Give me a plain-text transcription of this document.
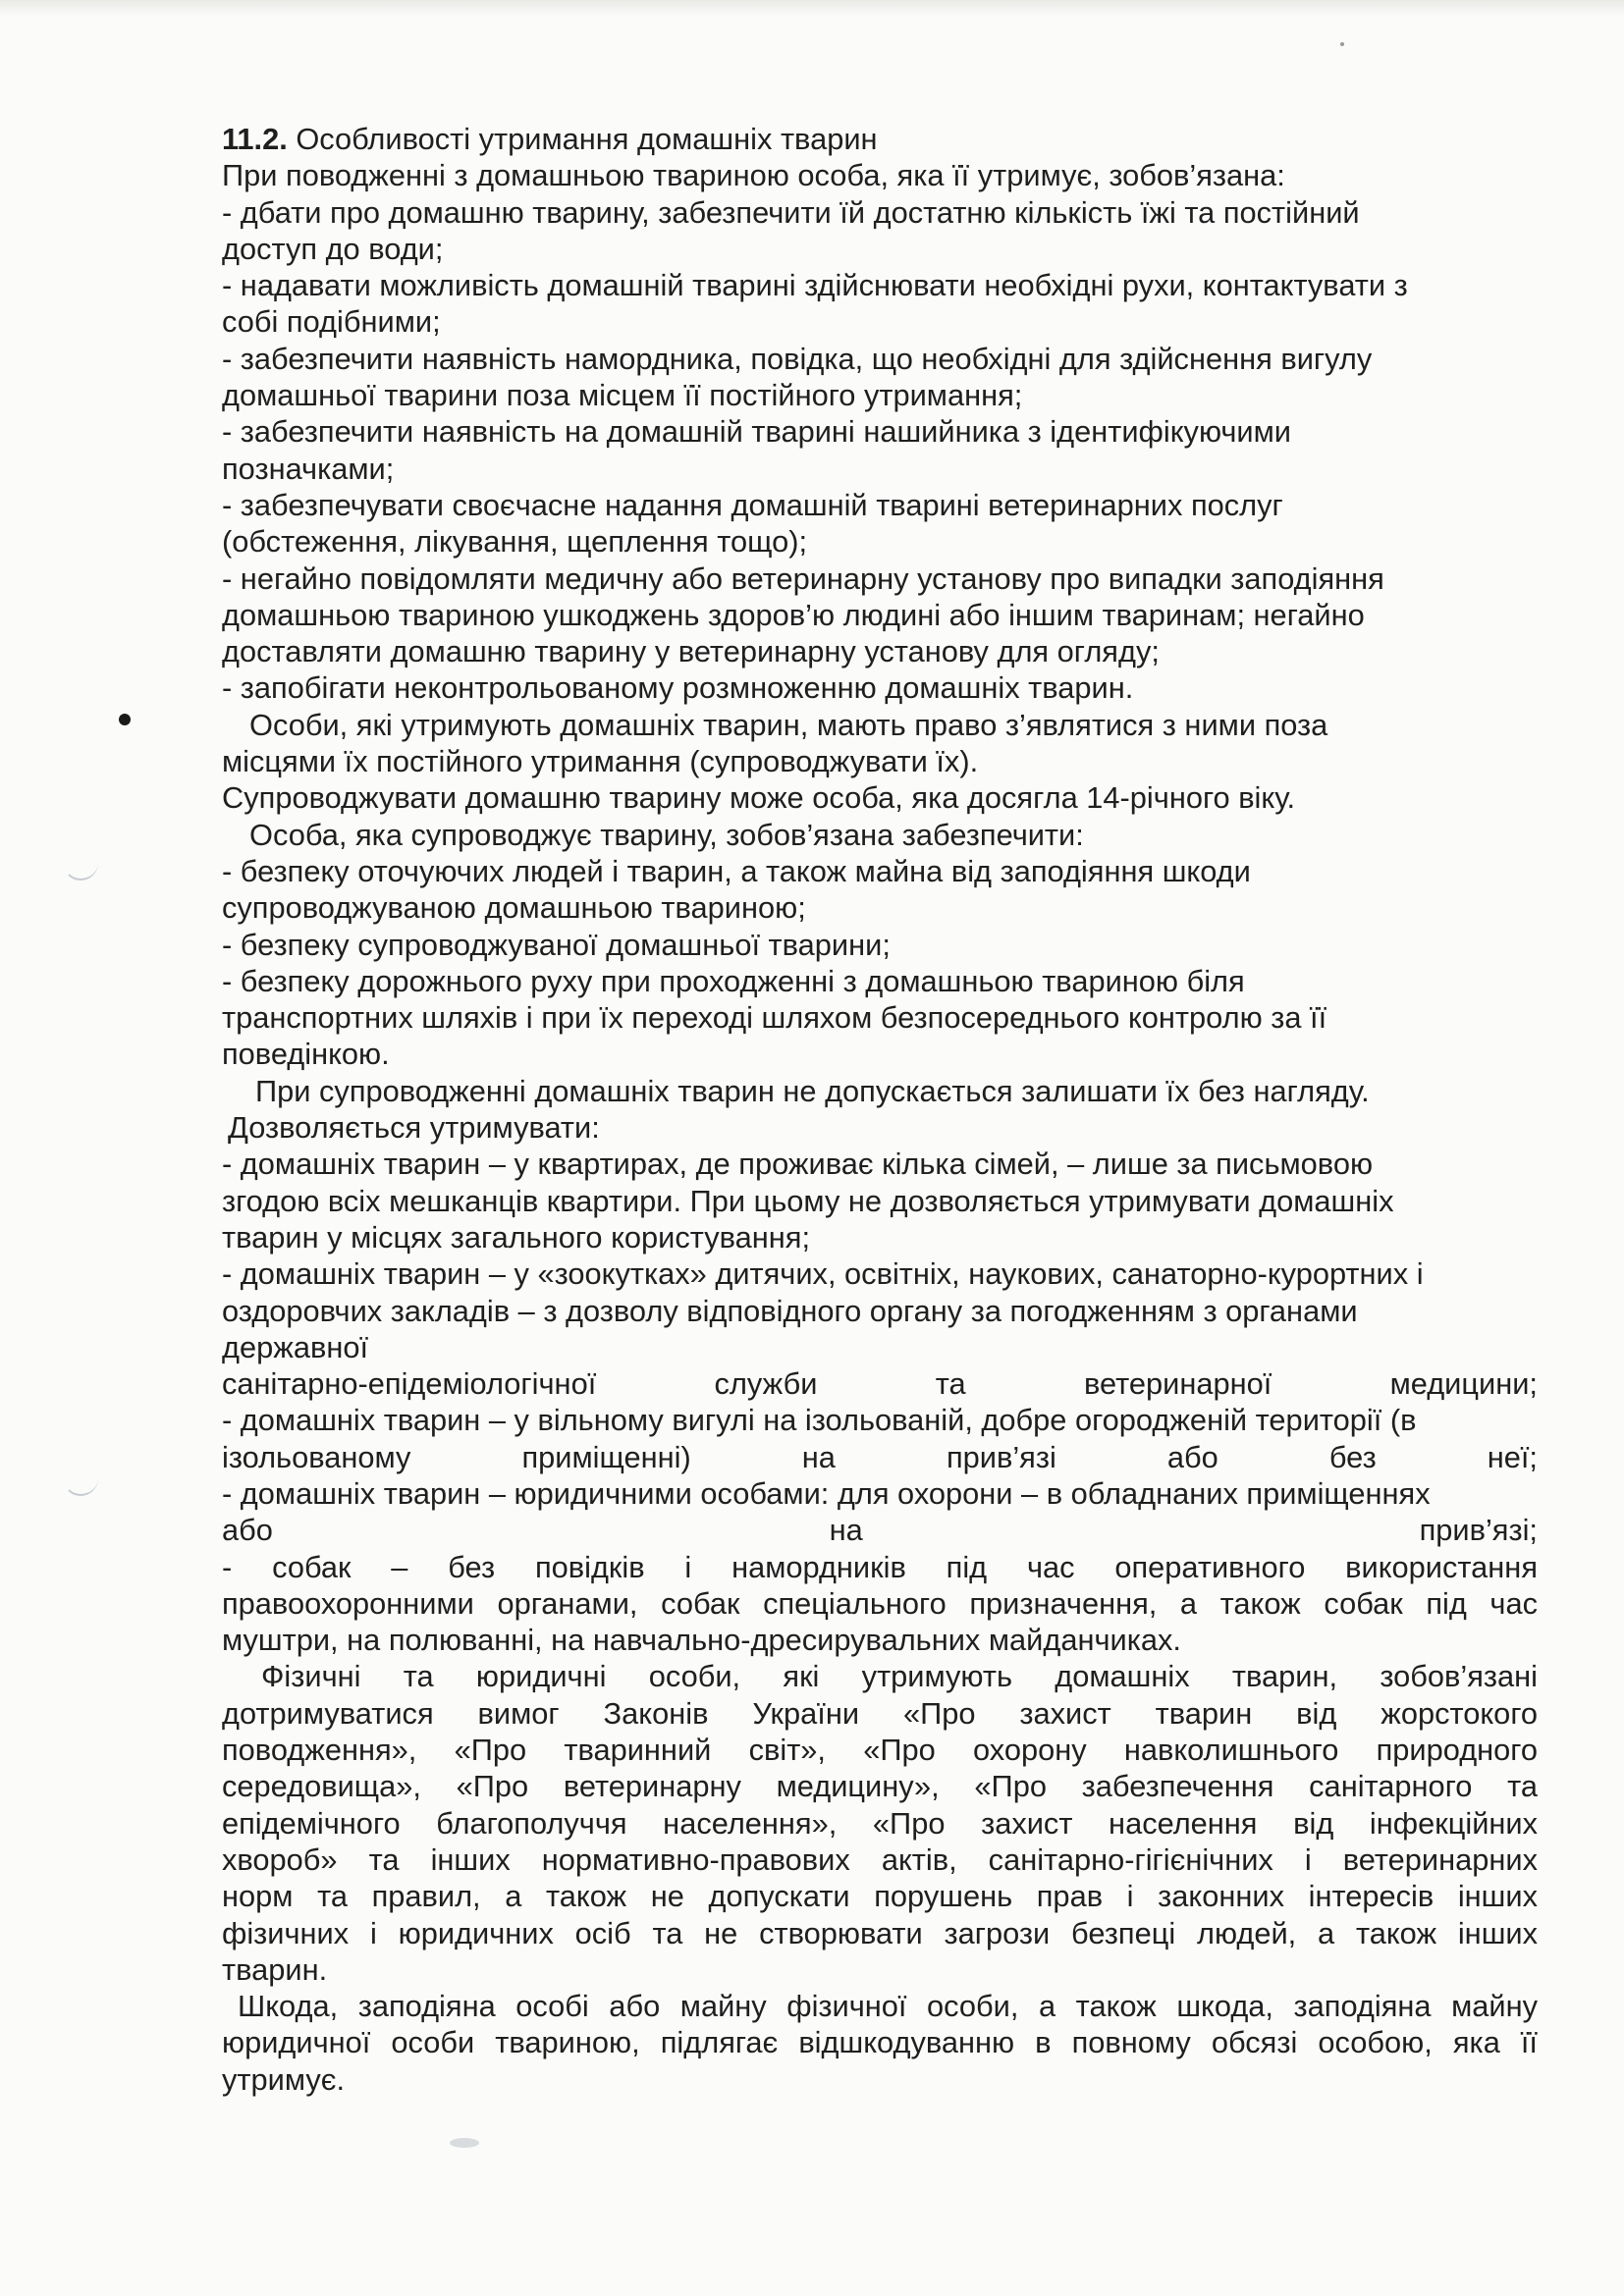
11.2. Особливості утримання домашніх тварин
При поводженні з домашньою твариною особа, яка її утримує, зобов’язана:
- дбати про домашню тварину, забезпечити їй достатню кількість їжі та постійний
доступ до води;
- надавати можливість домашній тварині здійснювати необхідні рухи, контактувати з
собі подібними;
- забезпечити наявність намордника, повідка, що необхідні для здійснення вигулу
домашньої тварини поза місцем її постійного утримання;
- забезпечити наявність на домашній тварині нашийника з ідентифікуючими
позначками;
- забезпечувати своєчасне надання домашній тварині ветеринарних послуг
(обстеження, лікування, щеплення тощо);
- негайно повідомляти медичну або ветеринарну установу про випадки заподіяння
домашньою твариною ушкоджень здоров’ю людині або іншим тваринам; негайно
доставляти домашню тварину у ветеринарну установу для огляду;
- запобігати неконтрольованому розмноженню домашніх тварин.
Особи, які утримують домашніх тварин, мають право з’являтися з ними поза
місцями їх постійного утримання (супроводжувати їх).
Супроводжувати домашню тварину може особа, яка досягла 14-річного віку.
Особа, яка супроводжує тварину, зобов’язана забезпечити:
- безпеку оточуючих людей і тварин, а також майна від заподіяння шкоди
супроводжуваною домашньою твариною;
- безпеку супроводжуваної домашньої тварини;
- безпеку дорожнього руху при проходженні з домашньою твариною біля
транспортних шляхів і при їх переході шляхом безпосереднього контролю за її
поведінкою.
При супроводженні домашніх тварин не допускається залишати їх без нагляду.
Дозволяється утримувати:
- домашніх тварин – у квартирах, де проживає кілька сімей, – лише за письмовою
згодою всіх мешканців квартири. При цьому не дозволяється утримувати домашніх
тварин у місцях загального користування;
- домашніх тварин – у «зоокутках» дитячих, освітніх, наукових, санаторно-курортних і
оздоровчих закладів – з дозволу відповідного органу за погодженням з органами
державної
санітарно-епідеміологічної служби та ветеринарної медицини;
- домашніх тварин – у вільному вигулі на ізольованій, добре огородженій території (в
ізольованому приміщенні) на прив’язі або без неї;
- домашніх тварин – юридичними особами: для охорони – в обладнаних приміщеннях
або на прив’язі;
- собак – без повідків і намордників під час оперативного використання
правоохоронними органами, собак спеціального призначення, а також собак під час
муштри, на полюванні, на навчально-дресирувальних майданчиках.
Фізичні та юридичні особи, які утримують домашніх тварин, зобов’язані
дотримуватися вимог Законів України «Про захист тварин від жорстокого
поводження», «Про тваринний світ», «Про охорону навколишнього природного
середовища», «Про ветеринарну медицину», «Про забезпечення санітарного та
епідемічного благополуччя населення», «Про захист населення від інфекційних
хвороб» та інших нормативно-правових актів, санітарно-гігієнічних і ветеринарних
норм та правил, а також не допускати порушень прав і законних інтересів інших
фізичних і юридичних осіб та не створювати загрози безпеці людей, а також інших
тварин.
Шкода, заподіяна особі або майну фізичної особи, а також шкода, заподіяна майну
юридичної особи твариною, підлягає відшкодуванню в повному обсязі особою, яка її
утримує.
